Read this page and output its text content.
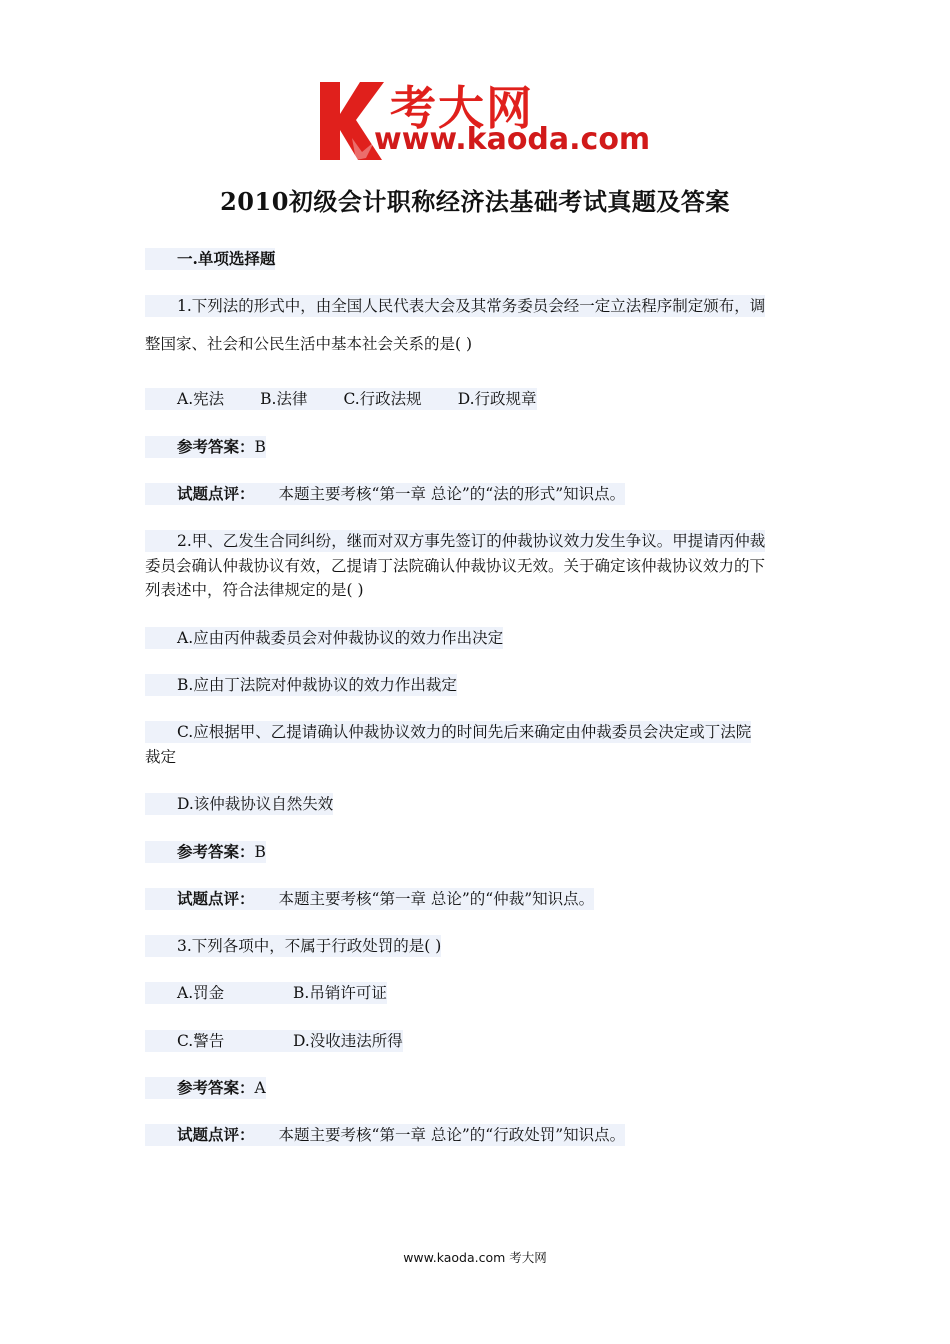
考大网
www.kaoda.com
2010初级会计职称经济法基础考试真题及答案
一.单项选择题
1.下列法的形式中，由全国人民代表大会及其常务委员会经一定立法程序制定颁布，调
整国家、社会和公民生活中基本社会关系的是( )
A.宪法 B.法律 C.行政法规 D.行政规章
参考答案：B
试题点评： 本题主要考核“第一章 总论”的“法的形式”知识点。
2.甲、乙发生合同纠纷，继而对双方事先签订的仲裁协议效力发生争议。甲提请丙仲裁
委员会确认仲裁协议有效，乙提请丁法院确认仲裁协议无效。关于确定该仲裁协议效力的下
列表述中，符合法律规定的是( )
A.应由丙仲裁委员会对仲裁协议的效力作出决定
B.应由丁法院对仲裁协议的效力作出裁定
C.应根据甲、乙提请确认仲裁协议效力的时间先后来确定由仲裁委员会决定或丁法院
裁定
D.该仲裁协议自然失效
参考答案：B
试题点评： 本题主要考核“第一章 总论”的“仲裁”知识点。
3.下列各项中，不属于行政处罚的是( )
A.罚金	B.吊销许可证
C.警告	D.没收违法所得
参考答案：A
试题点评： 本题主要考核“第一章 总论”的“行政处罚”知识点。
www.kaoda.com 考大网
